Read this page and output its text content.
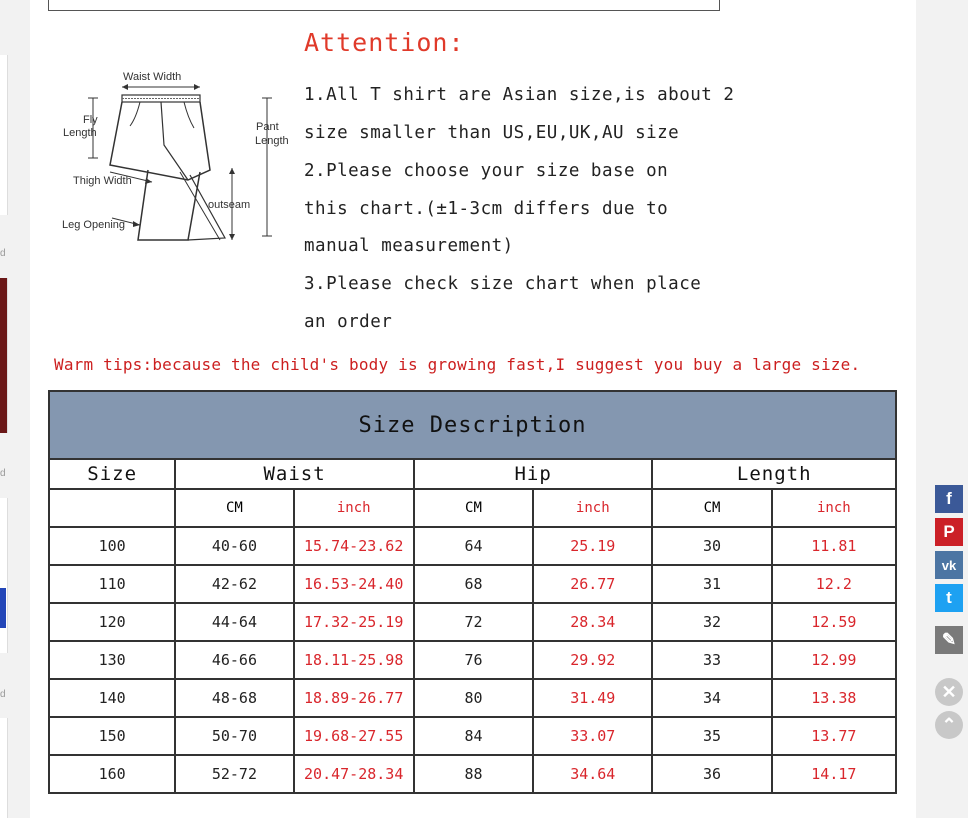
d
d
d
Waist Width
Fly
Length	Pant
Length
Thigh Width
outseam
Leg Opening
Attention:
1.All T shirt are Asian size,is about 2
size smaller than US,EU,UK,AU size
2.Please choose your size base on
this chart.(±1-3cm differs due to
manual measurement)
3.Please check size chart when place
an order
Warm tips:because the child's body is growing fast,I suggest you buy a large size.
Size Description						
Size	Waist		Hip		Length	
	CM	inch	CM	inch	CM	inch
100	40-60	15.74-23.62	64	25.19	30	11.81
110	42-62	16.53-24.40	68	26.77	31	12.2
120	44-64	17.32-25.19	72	28.34	32	12.59
130	46-66	18.11-25.98	76	29.92	33	12.99
140	48-68	18.89-26.77	80	31.49	34	13.38
150	50-70	19.68-27.55	84	33.07	35	13.77
160	52-72	20.47-28.34	88	34.64	36	14.17
f
P
vk
t
✎
✕
⌃
